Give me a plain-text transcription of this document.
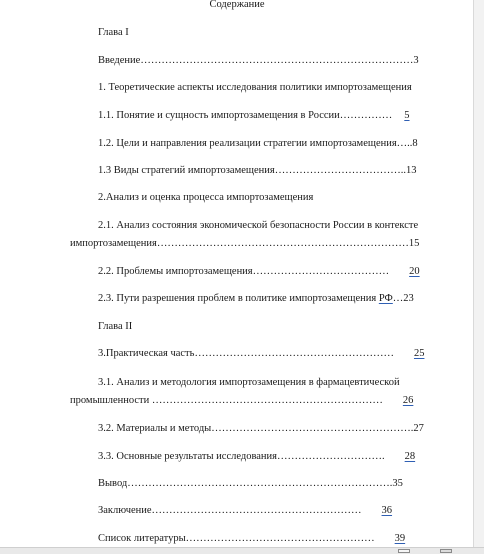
Содержание
Глава I
Введение……………………………………………………………………3
1. Теоретические аспекты исследования политики импортозамещения
1.1. Понятие и сущность импортозамещения в России…………… 5
1.2. Цели и направления реализации стратегии импортозамещения…..8
1.3 Виды стратегий импортозамещения………………………………..13
2.Анализ и оценка процесса импортозамещения
2.1. Анализ состояния экономической безопасности России в контексте
импортозамещения………………………………………………………………15
2.2. Проблемы импортозамещения………………………………… 20
2.3. Пути разрешения проблем в политике импортозамещения РФ…23
Глава II
3.Практическая часть………………………………………………… 25
3.1. Анализ и методология импортозамещения в фармацевтической
промышленности ………………………………………………………… 26
3.2. Материалы и методы………………………………………………….27
3.3. Основные результаты исследования…………………………. 28
Вывод………………………………………………………………….35
Заключение…………………………………………………… 36
Список литературы……………………………………………… 39
